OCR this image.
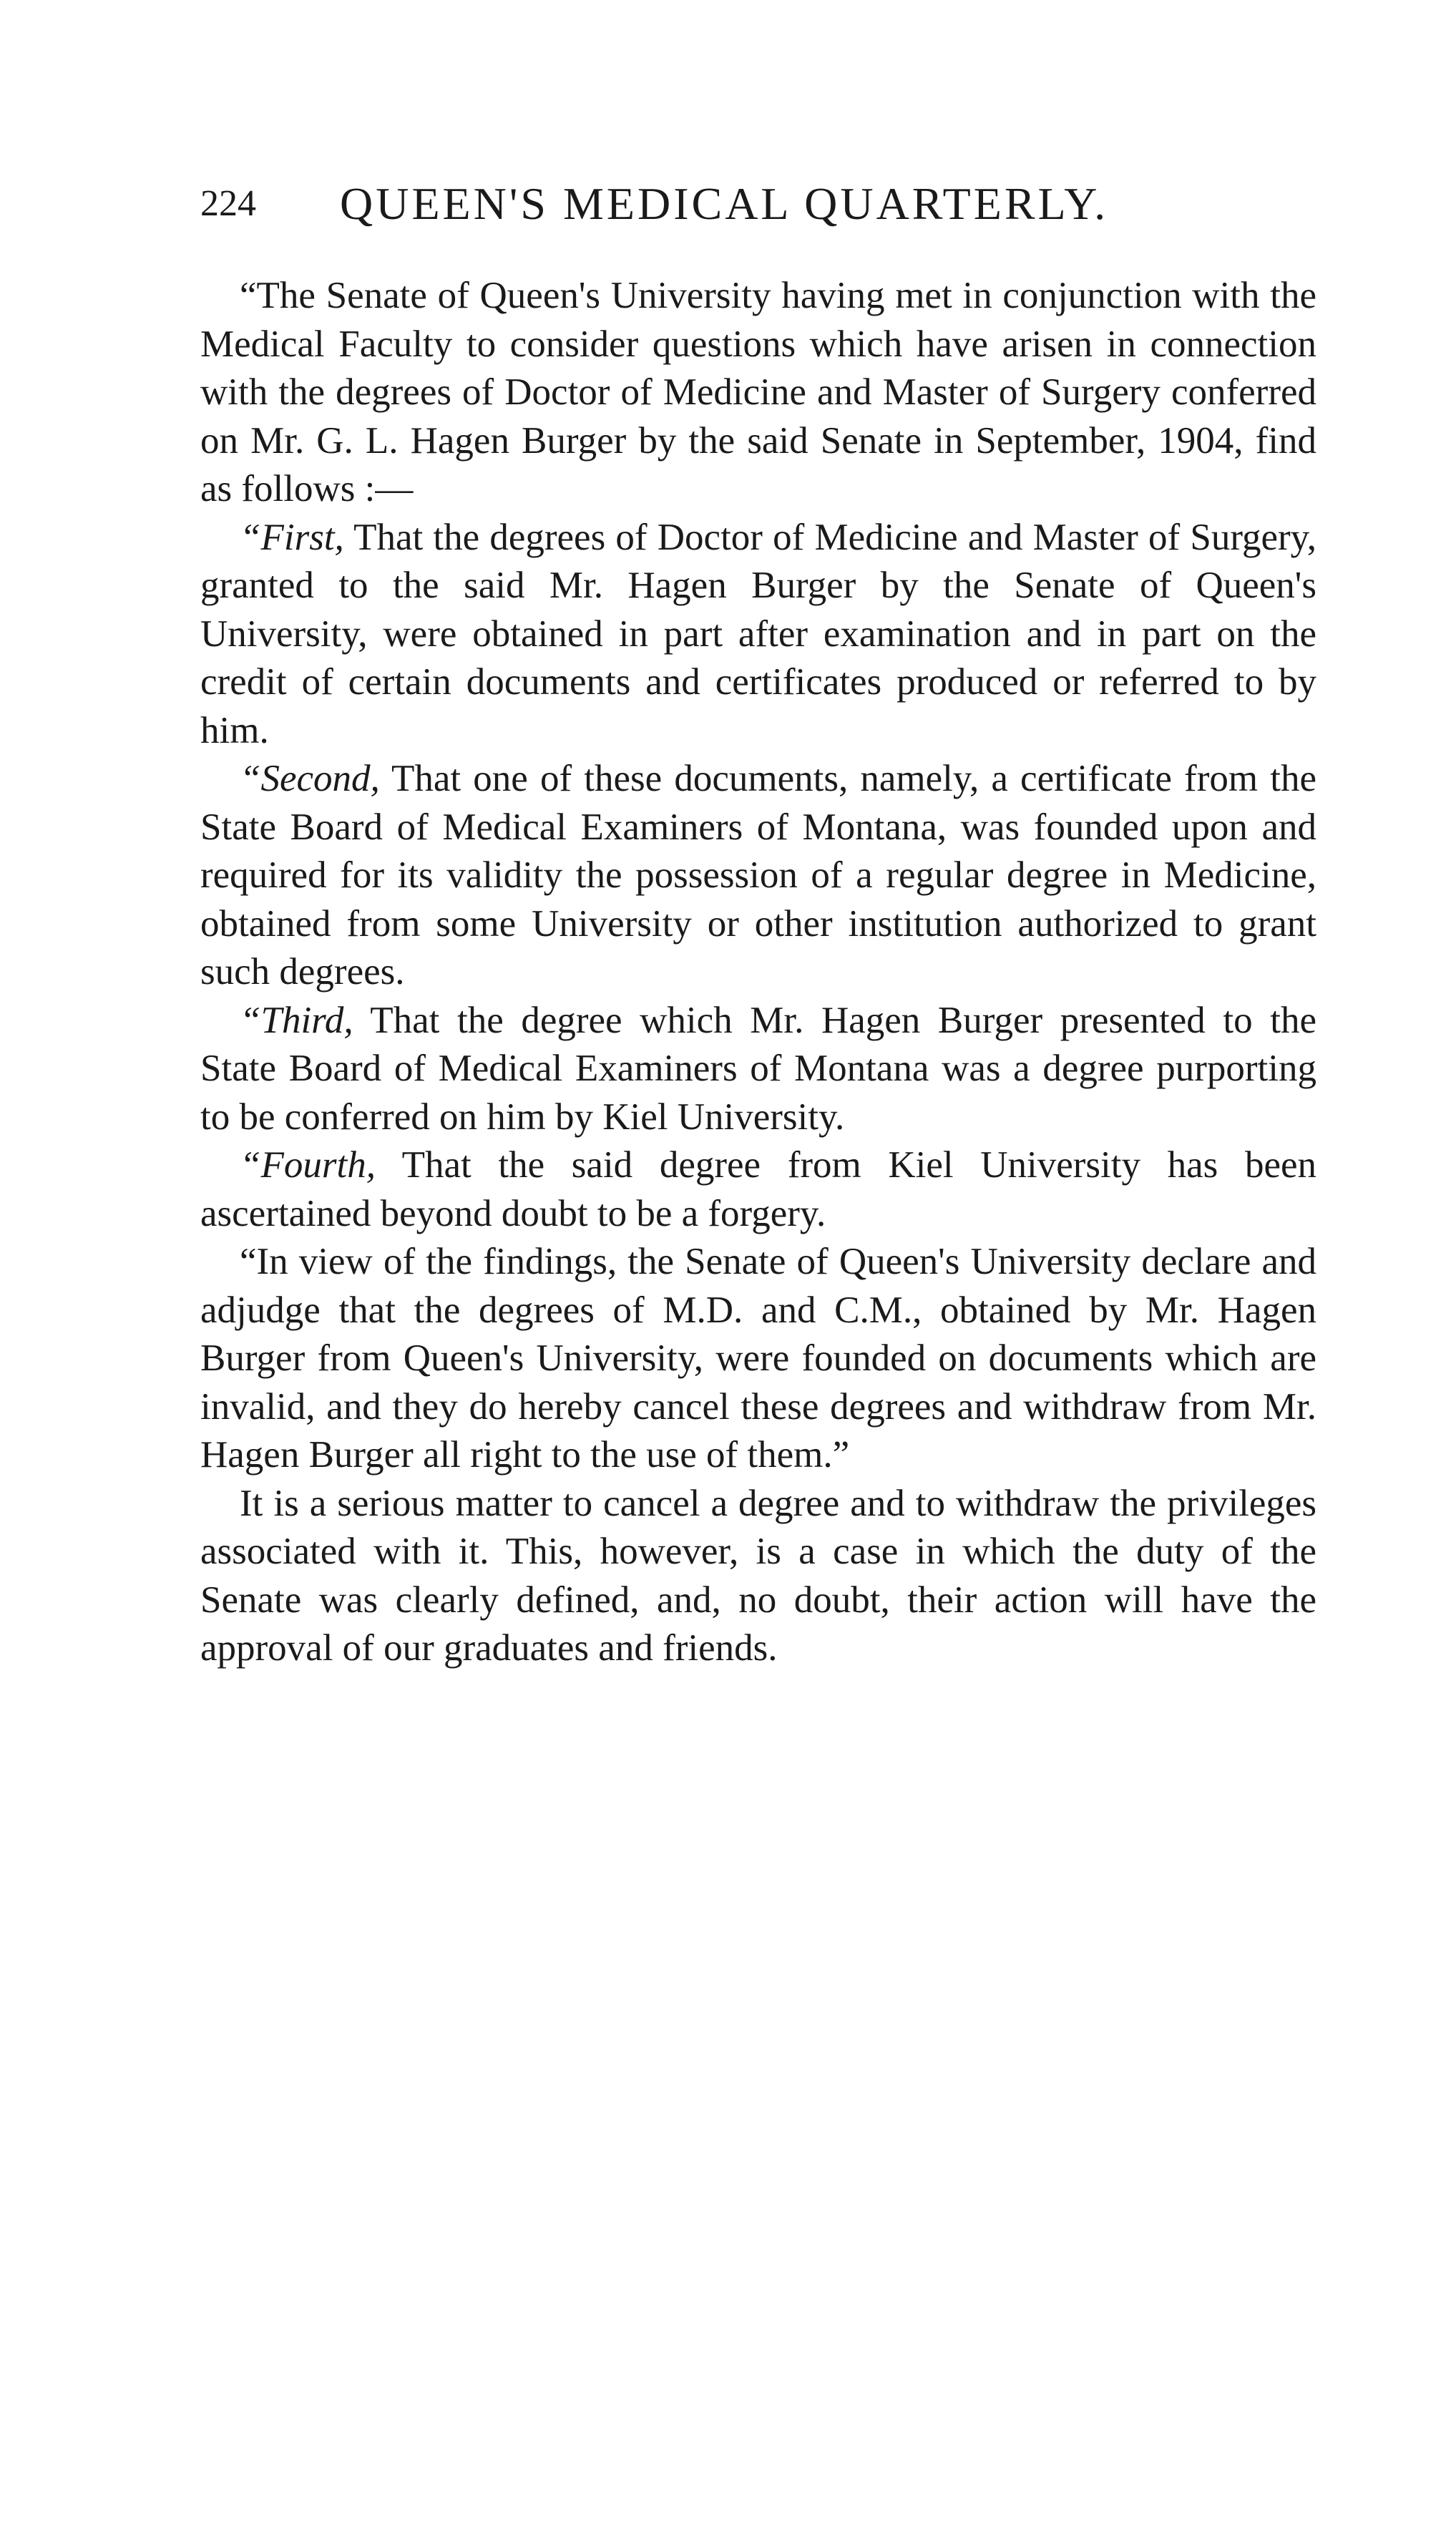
224 QUEEN'S MEDICAL QUARTERLY.

“The Senate of Queen's University having met in conjunction with the Medical Faculty to consider questions which have arisen in connection with the degrees of Doctor of Medicine and Master of Surgery conferred on Mr. G. L. Hagen Burger by the said Senate in September, 1904, find as follows :—

“First, That the degrees of Doctor of Medicine and Master of Surgery, granted to the said Mr. Hagen Burger by the Senate of Queen's University, were obtained in part after examination and in part on the credit of certain documents and certificates produced or referred to by him.

“Second, That one of these documents, namely, a certificate from the State Board of Medical Examiners of Montana, was founded upon and required for its validity the possession of a regular degree in Medicine, obtained from some University or other institution authorized to grant such degrees.

“Third, That the degree which Mr. Hagen Burger presented to the State Board of Medical Examiners of Montana was a degree purporting to be conferred on him by Kiel University.

“Fourth, That the said degree from Kiel University has been ascertained beyond doubt to be a forgery.

“In view of the findings, the Senate of Queen's University declare and adjudge that the degrees of M.D. and C.M., obtained by Mr. Hagen Burger from Queen's University, were founded on documents which are invalid, and they do hereby cancel these degrees and withdraw from Mr. Hagen Burger all right to the use of them.”

It is a serious matter to cancel a degree and to withdraw the privileges associated with it. This, however, is a case in which the duty of the Senate was clearly defined, and, no doubt, their action will have the approval of our graduates and friends.
